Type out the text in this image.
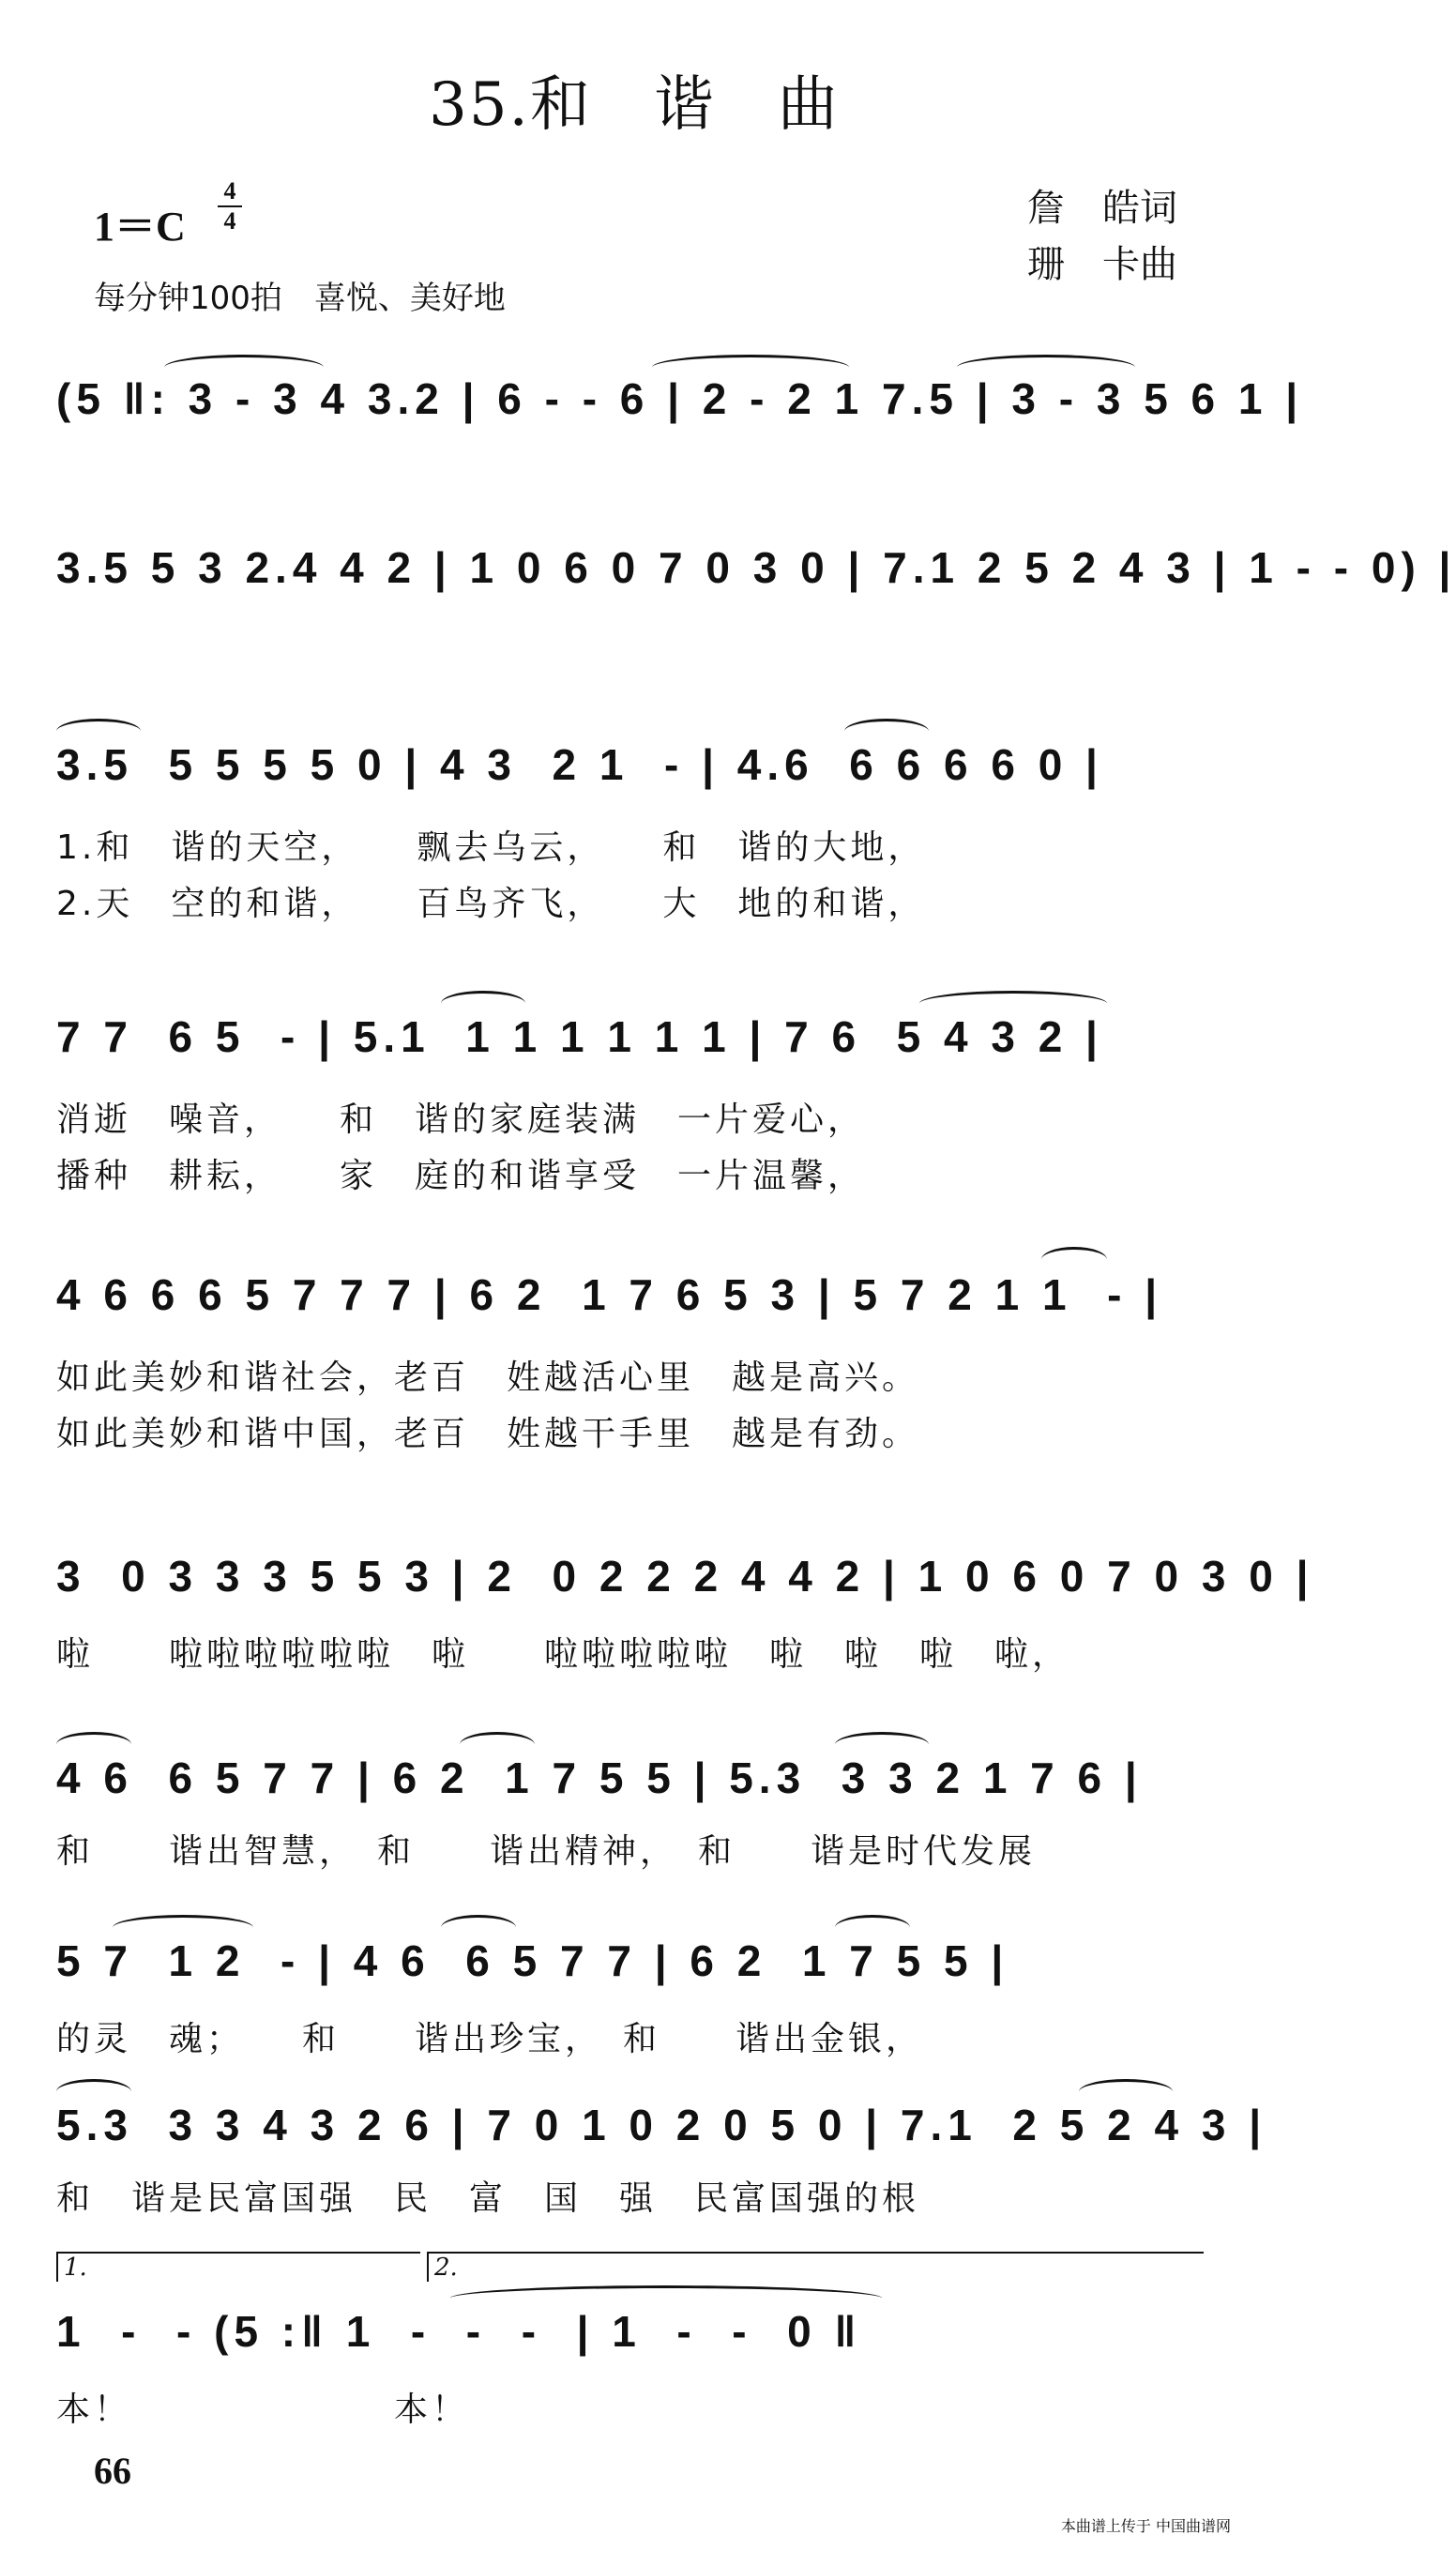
35.和　谐　曲
1＝C
4
4	詹　皓词
珊　卡曲
每分钟100拍　喜悦、美好地
(5 ‖: 3 - 3 4 3.2 | 6 - - 6 | 2 - 2 1 7.5 | 3 - 3 5 6 1 |
3.5 5 3 2.4 4 2 | 1 0 6 0 7 0 3 0 | 7.1 2 5 2 4 3 | 1 - - 0) |
3.5  5 5 5 5 0 | 4 3  2 1  - | 4.6  6 6 6 6 0 |
1.和　谐的天空，　　飘去乌云，　　和　谐的大地，
2.天　空的和谐，　　百鸟齐飞，　　大　地的和谐，
7 7  6 5  - | 5.1  1 1 1 1 1 1 | 7 6  5 4 3 2 |
消逝　噪音，　　和　谐的家庭装满　一片爱心，
播种　耕耘，　　家　庭的和谐享受　一片温馨，
4 6 6 6 5 7 7 7 | 6 2  1 7 6 5 3 | 5 7 2 1 1  - |
如此美妙和谐社会，老百　姓越活心里　越是高兴。
如此美妙和谐中国，老百　姓越干手里　越是有劲。
3  0 3 3 3 5 5 3 | 2  0 2 2 2 4 4 2 | 1 0 6 0 7 0 3 0 |
啦　　啦啦啦啦啦啦　啦　　啦啦啦啦啦　啦　啦　啦　啦，
4 6  6 5 7 7 | 6 2  1 7 5 5 | 5.3  3 3 2 1 7 6 |
和　　谐出智慧，　和　　谐出精神，　和　　谐是时代发展
5 7  1 2  - | 4 6  6 5 7 7 | 6 2  1 7 5 5 |
的灵　魂；　　和　　谐出珍宝，　和　　谐出金银，
5.3  3 3 4 3 2 6 | 7 0 1 0 2 0 5 0 | 7.1  2 5 2 4 3 |
和　谐是民富国强　民　富　国　强　民富国强的根
1.	2.
1  -  - (5 :‖ 1  -  -  -  | 1  -  -  0 ‖
本！　　　　　　　本！
66
本曲谱上传于 中国曲谱网
